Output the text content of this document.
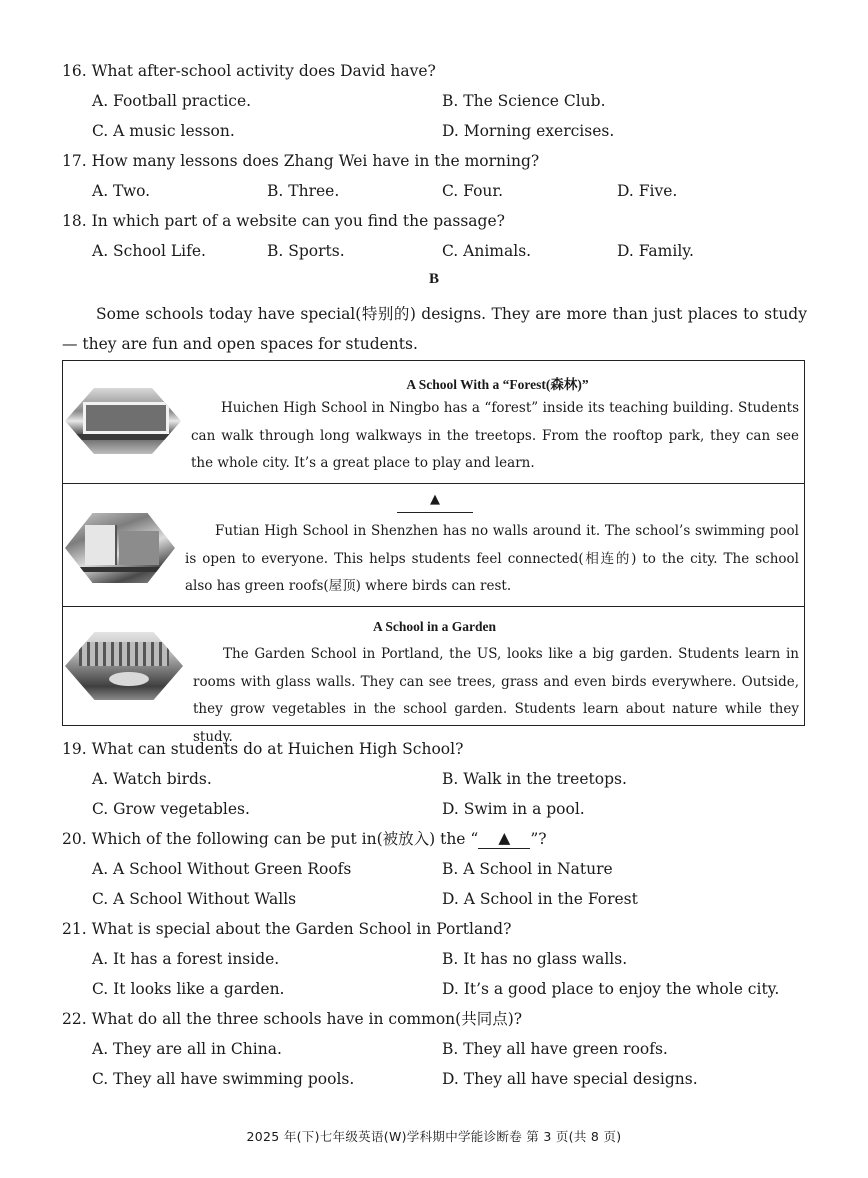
16. What after-school activity does David have?
A. Football practice.	B. The Science Club.
C. A music lesson.	D. Morning exercises.
17. How many lessons does Zhang Wei have in the morning?
A. Two.	B. Three.	C. Four.	D. Five.
18. In which part of a website can you find the passage?
A. School Life.	B. Sports.	C. Animals.	D. Family.
B
Some schools today have special(特别的) designs. They are more than just places to study — they are fun and open spaces for students.
A School With a “Forest(森林)”
Huichen High School in Ningbo has a “forest” inside its teaching building. Students can walk through long walkways in the treetops. From the rooftop park, they can see the whole city. It’s a great place to play and learn.
▲
Futian High School in Shenzhen has no walls around it. The school’s swimming pool is open to everyone. This helps students feel connected(相连的) to the city. The school also has green roofs(屋顶) where birds can rest.
A School in a Garden
The Garden School in Portland, the US, looks like a big garden. Students learn in rooms with glass walls. They can see trees, grass and even birds everywhere. Outside, they grow vegetables in the school garden. Students learn about nature while they study.
19. What can students do at Huichen High School?
A. Watch birds.	B. Walk in the treetops.
C. Grow vegetables.	D. Swim in a pool.
20. Which of the following can be put in(被放入) the “ ▲ ”?
A. A School Without Green Roofs	B. A School in Nature
C. A School Without Walls	D. A School in the Forest
21. What is special about the Garden School in Portland?
A. It has a forest inside.	B. It has no glass walls.
C. It looks like a garden.	D. It’s a good place to enjoy the whole city.
22. What do all the three schools have in common(共同点)?
A. They are all in China.	B. They all have green roofs.
C. They all have swimming pools.	D. They all have special designs.
2025 年(下)七年级英语(W)学科期中学能诊断卷 第 3 页(共 8 页)
